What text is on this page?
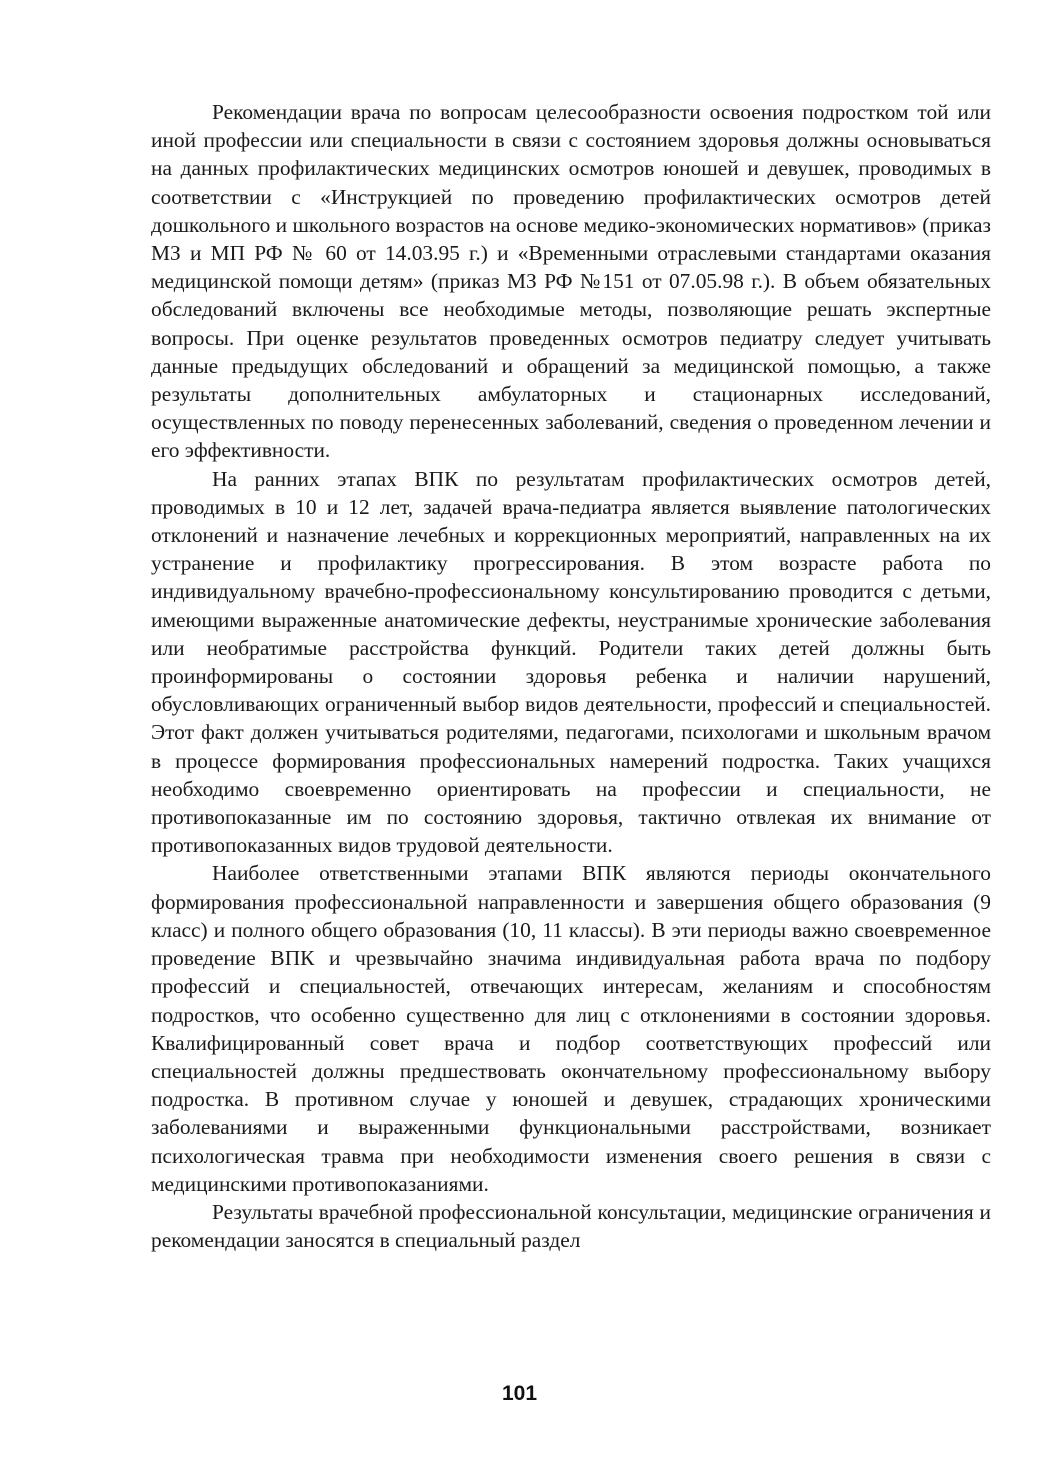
Рекомендации врача по вопросам целесообразности освоения подростком той или иной профессии или специальности в связи с состоянием здоровья должны основываться на данных профилактических медицинских осмотров юношей и девушек, проводимых в соответствии с «Инструкцией по проведению профилактических осмотров детей дошкольного и школьного возрастов на основе медико-экономических нормативов» (приказ МЗ и МП РФ № 60 от 14.03.95 г.) и «Временными отраслевыми стандартами оказания медицинской помощи детям» (приказ МЗ РФ №151 от 07.05.98 г.). В объем обязательных обследований включены все необходимые методы, позволяющие решать экспертные вопросы. При оценке результатов проведенных осмотров педиатру следует учитывать данные предыдущих обследований и обращений за медицинской помощью, а также результаты дополнительных амбулаторных и стационарных исследований, осуществленных по поводу перенесенных заболеваний, сведения о проведенном лечении и его эффективности.

На ранних этапах ВПК по результатам профилактических осмотров детей, проводимых в 10 и 12 лет, задачей врача-педиатра является выявление патологических отклонений и назначение лечебных и коррекционных мероприятий, направленных на их устранение и профилактику прогрессирования. В этом возрасте работа по индивидуальному врачебно-профессиональному консультированию проводится с детьми, имеющими выраженные анатомические дефекты, неустранимые хронические заболевания или необратимые расстройства функций. Родители таких детей должны быть проинформированы о состоянии здоровья ребенка и наличии нарушений, обусловливающих ограниченный выбор видов деятельности, профессий и специальностей. Этот факт должен учитываться родителями, педагогами, психологами и школьным врачом в процессе формирования профессиональных намерений подростка. Таких учащихся необходимо своевременно ориентировать на профессии и специальности, не противопоказанные им по состоянию здоровья, тактично отвлекая их внимание от противопоказанных видов трудовой деятельности.

Наиболее ответственными этапами ВПК являются периоды окончательного формирования профессиональной направленности и завершения общего образования (9 класс) и полного общего образования (10, 11 классы). В эти периоды важно своевременное проведение ВПК и чрезвычайно значима индивидуальная работа врача по подбору профессий и специальностей, отвечающих интересам, желаниям и способностям подростков, что особенно существенно для лиц с отклонениями в состоянии здоровья. Квалифицированный совет врача и подбор соответствующих профессий или специальностей должны предшествовать окончательному профессиональному выбору подростка. В противном случае у юношей и девушек, страдающих хроническими заболеваниями и выраженными функциональными расстройствами, возникает психологическая травма при необходимости изменения своего решения в связи с медицинскими противопоказаниями.

Результаты врачебной профессиональной консультации, медицинские ограничения и рекомендации заносятся в специальный раздел

101
